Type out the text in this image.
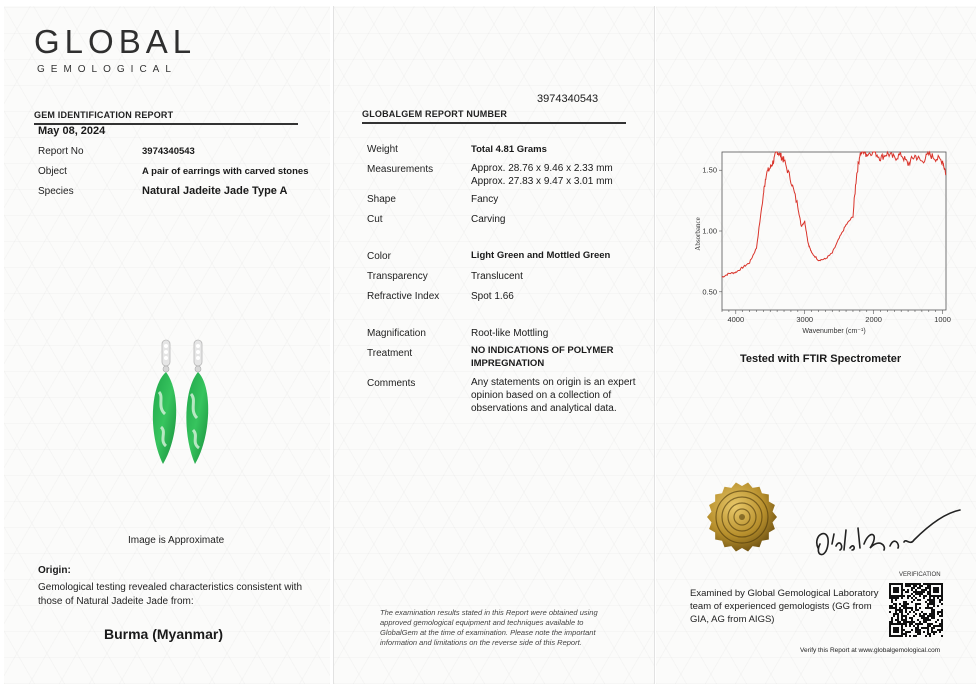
GLOBAL
GEMOLOGICAL
GEM IDENTIFICATION REPORT
May 08, 2024
Report No	3974340543
Object	A pair of earrings with carved stones
Species	Natural Jadeite Jade Type A
Image is Approximate
Origin:
Gemological testing revealed characteristics consistent with
those of Natural Jadeite Jade from:
Burma (Myanmar)
3974340543
GLOBALGEM REPORT NUMBER
Weight	Total 4.81 Grams
Measurements	Approx. 28.76 x 9.46 x 2.33 mm
Approx. 27.83 x 9.47 x 3.01 mm
Shape	Fancy
Cut	Carving
Color	Light Green and Mottled Green
Transparency	Translucent
Refractive Index	Spot 1.66
Magnification	Root-like Mottling
Treatment	NO INDICATIONS OF POLYMER
IMPREGNATION
Comments	Any statements on origin is an expert
opinion based on a collection of
observations and analytical data.
The examination results stated in this Report were obtained using
approved gemological equipment and techniques available to
GlobalGem at the time of examination. Please note the important
information and limitations on the reverse side of this Report.
4000	3000	2000	1000
1.50
1.00
0.50
Absorbance
Wavenumber (cm⁻¹)
Tested with FTIR Spectrometer
Examined by Global Gemological Laboratory
team of experienced gemologists (GG from
GIA, AG from AIGS)
VERIFICATION
Verify this Report at www.globalgemological.com
